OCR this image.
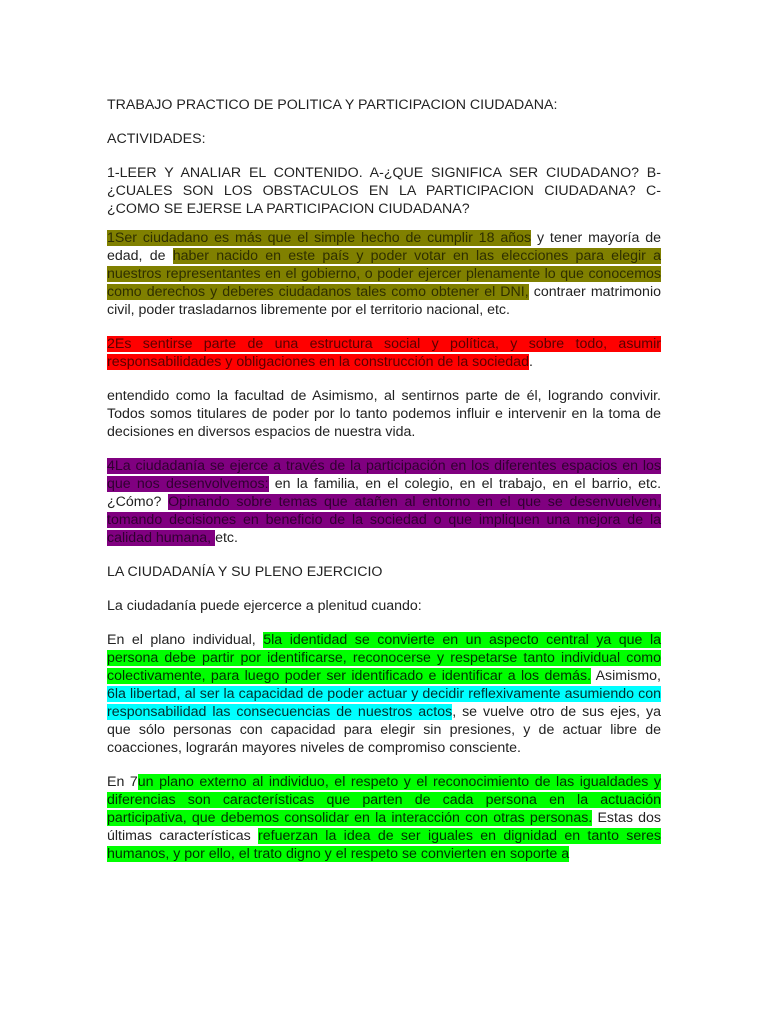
TRABAJO PRACTICO DE POLITICA Y PARTICIPACION CIUDADANA:

ACTIVIDADES:

1-LEER Y ANALIAR EL CONTENIDO. A-¿QUE SIGNIFICA SER CIUDADANO? B-¿CUALES SON LOS OBSTACULOS EN LA PARTICIPACION CIUDADANA? C-¿COMO SE EJERSE LA PARTICIPACION CIUDADANA?

1Ser ciudadano es más que el simple hecho de cumplir 18 años y tener mayoría de edad, de haber nacido en este país y poder votar en las elecciones para elegir a nuestros representantes en el gobierno, o poder ejercer plenamente lo que conocemos como derechos y deberes ciudadanos tales como obtener el DNI, contraer matrimonio civil, poder trasladarnos libremente por el territorio nacional, etc.

2Es sentirse parte de una estructura social y política, y sobre todo, asumir responsabilidades y obligaciones en la construcción de la sociedad.

entendido como la facultad de Asimismo, al sentirnos parte de él, logrando convivir. Todos somos titulares de poder por lo tanto podemos influir e intervenir en la toma de decisiones en diversos espacios de nuestra vida.

4La ciudadanía se ejerce a través de la participación en los diferentes espacios en los que nos desenvolvemos: en la familia, en el colegio, en el trabajo, en el barrio, etc. ¿Cómo? Opinando sobre temas que atañen al entorno en el que se desenvuelven, tomando decisiones en beneficio de la sociedad o que impliquen una mejora de la calidad humana, etc.

LA CIUDADANÍA Y SU PLENO EJERCICIO

La ciudadanía puede ejercerce a plenitud cuando:

En el plano individual, 5la identidad se convierte en un aspecto central ya que la persona debe partir por identificarse, reconocerse y respetarse tanto individual como colectivamente, para luego poder ser identificado e identificar a los demás. Asimismo, 6la libertad, al ser la capacidad de poder actuar y decidir reflexivamente asumiendo con responsabilidad las consecuencias de nuestros actos, se vuelve otro de sus ejes, ya que sólo personas con capacidad para elegir sin presiones, y de actuar libre de coacciones, lograrán mayores niveles de compromiso consciente.

En 7un plano externo al individuo, el respeto y el reconocimiento de las igualdades y diferencias son características que parten de cada persona en la actuación participativa, que debemos consolidar en la interacción con otras personas. Estas dos últimas características refuerzan la idea de ser iguales en dignidad en tanto seres humanos, y por ello, el trato digno y el respeto se convierten en soporte a
